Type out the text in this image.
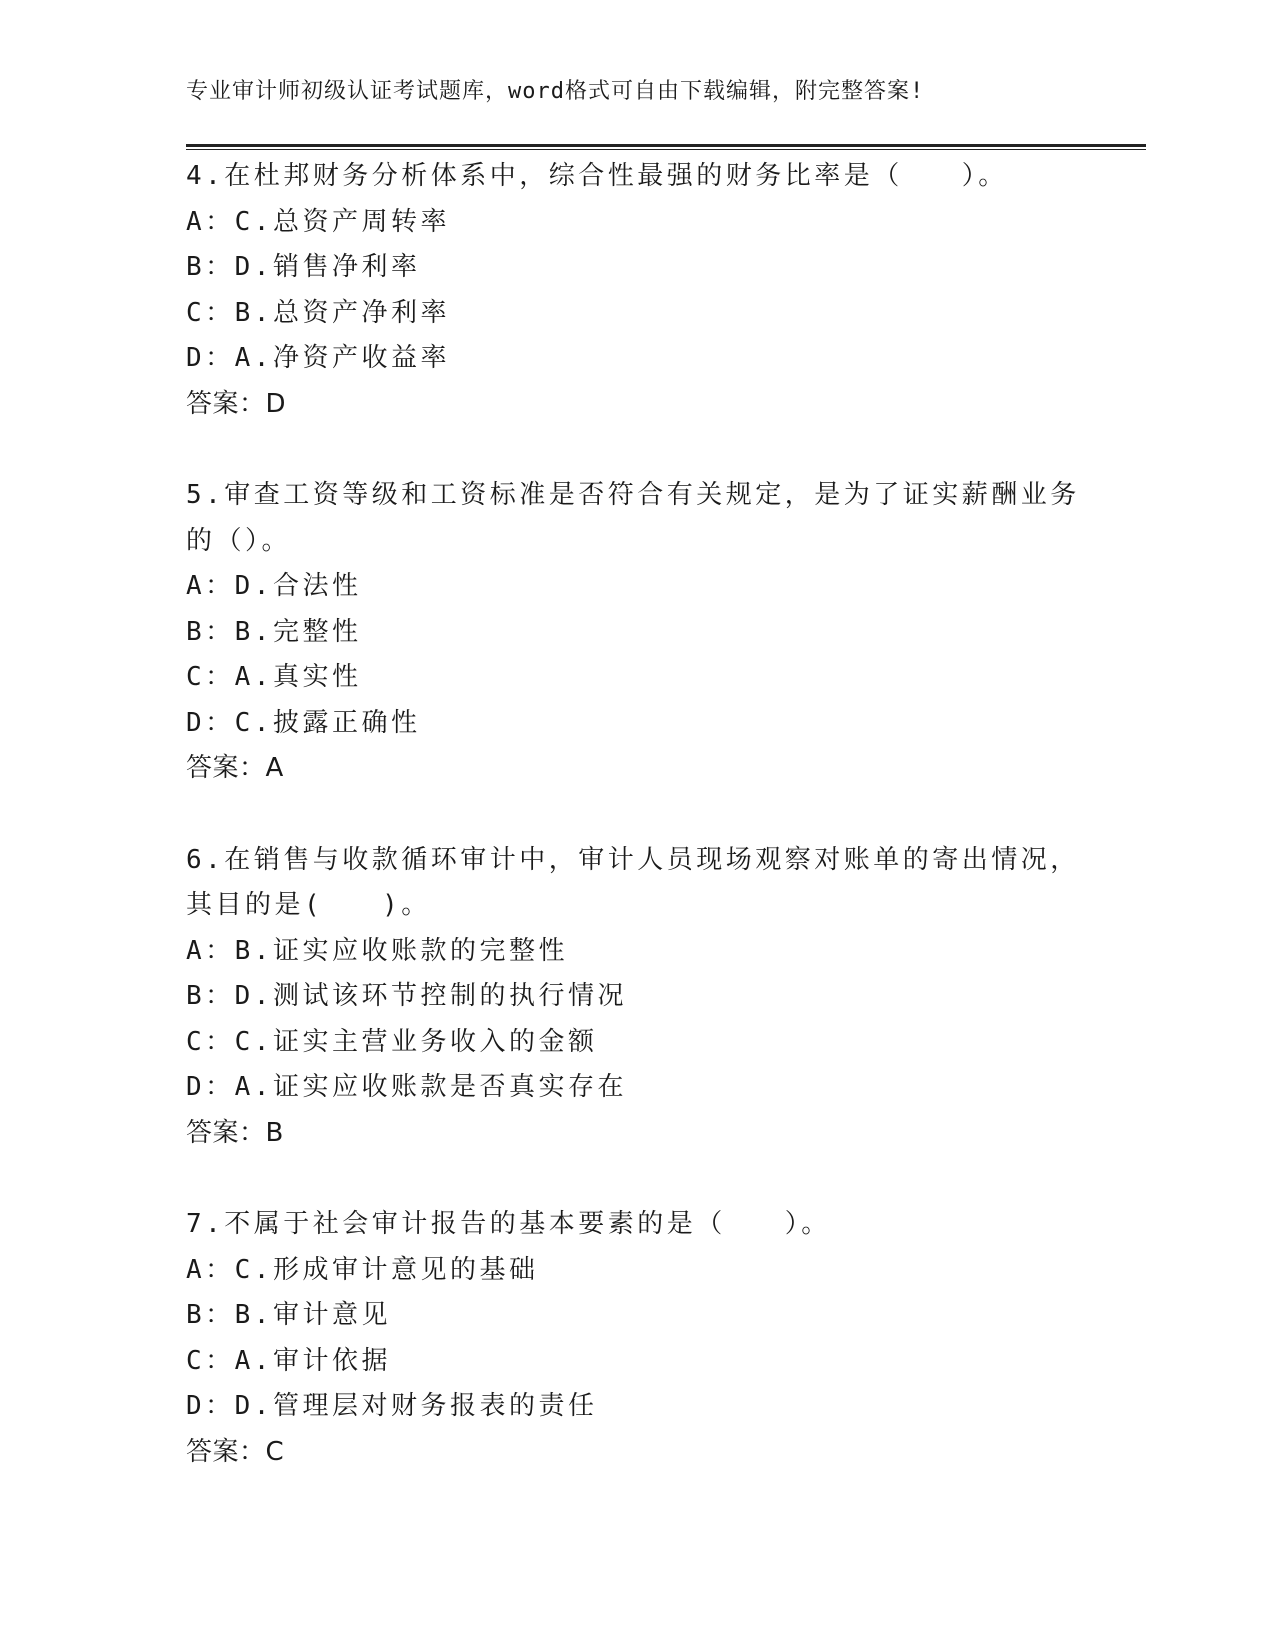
专业审计师初级认证考试题库，word格式可自由下载编辑，附完整答案!

4.在杜邦财务分析体系中，综合性最强的财务比率是（　　）。

A：C.总资产周转率

B：D.销售净利率

C：B.总资产净利率

D：A.净资产收益率

答案：D

5.审查工资等级和工资标准是否符合有关规定，是为了证实薪酬业务的（）。

A：D.合法性

B：B.完整性

C：A.真实性

D：C.披露正确性

答案：A

6.在销售与收款循环审计中，审计人员现场观察对账单的寄出情况，其目的是(　　)。

A：B.证实应收账款的完整性

B：D.测试该环节控制的执行情况

C：C.证实主营业务收入的金额

D：A.证实应收账款是否真实存在

答案：B

7.不属于社会审计报告的基本要素的是（　　）。

A：C.形成审计意见的基础

B：B.审计意见

C：A.审计依据

D：D.管理层对财务报表的责任

答案：C
